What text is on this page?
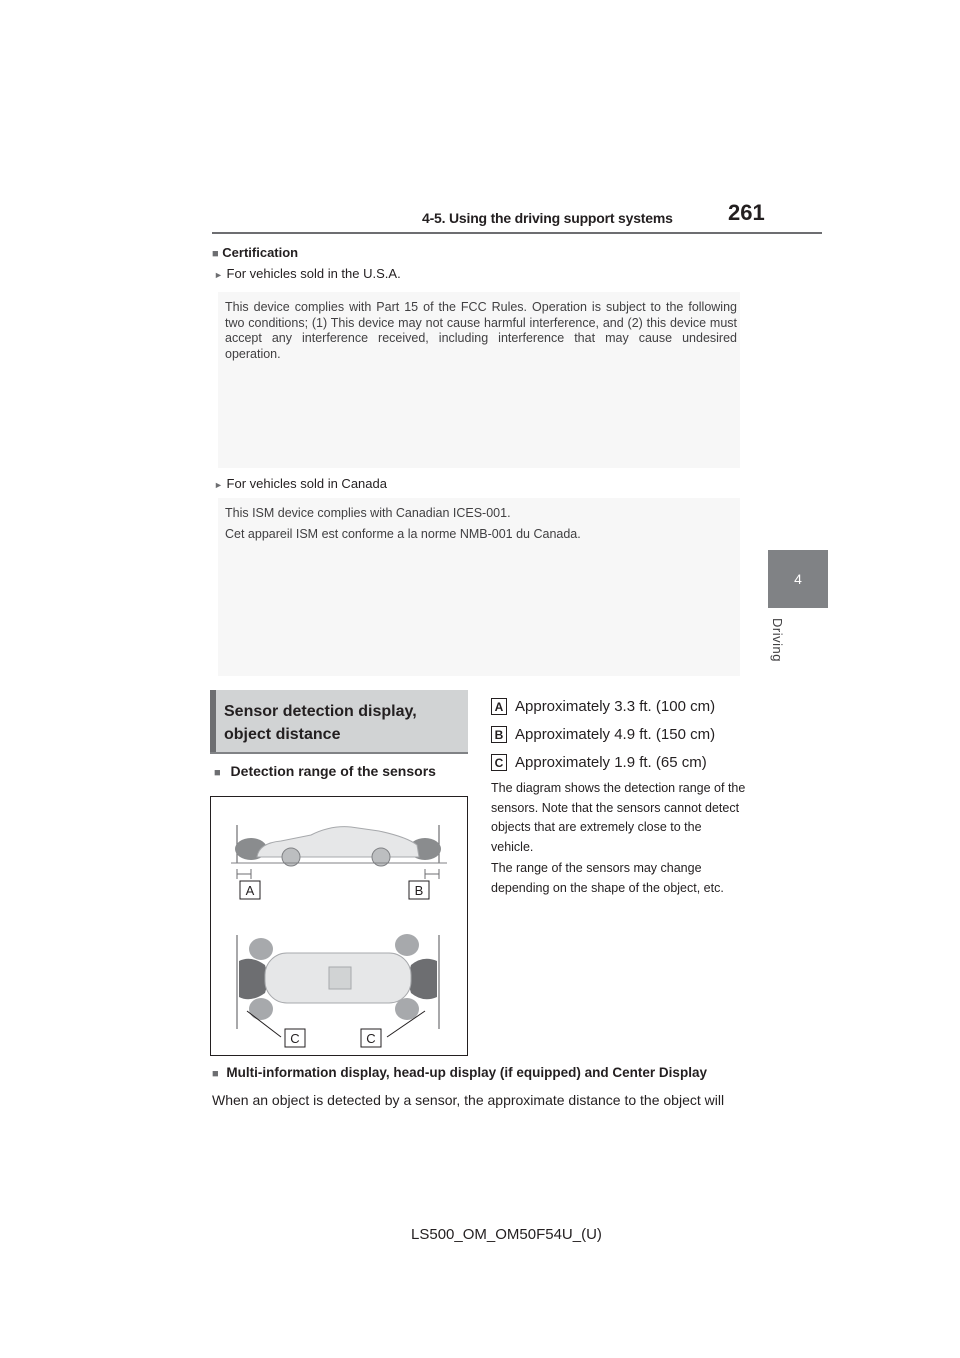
4-5. Using the driving support systems	261
4
Driving
■ Certification
► For vehicles sold in the U.S.A.
This device complies with Part 15 of the FCC Rules. Operation is subject to the following two conditions; (1) This device may not cause harmful interference, and (2) this device must accept any interference received, including interference that may cause undesired operation.
► For vehicles sold in Canada
This ISM device complies with Canadian ICES-001.
Cet appareil ISM est conforme a la norme NMB-001 du Canada.
Sensor detection display, object distance
■ Detection range of the sensors
A	B
C	C
A Approximately 3.3 ft. (100 cm)
B Approximately 4.9 ft. (150 cm)
C Approximately 1.9 ft. (65 cm)
The diagram shows the detection range of the sensors. Note that the sensors cannot detect objects that are extremely close to the vehicle.
The range of the sensors may change depending on the shape of the object, etc.
■ Multi-information display, head-up display (if equipped) and Center Display
When an object is detected by a sensor, the approximate distance to the object will
LS500_OM_OM50F54U_(U)
